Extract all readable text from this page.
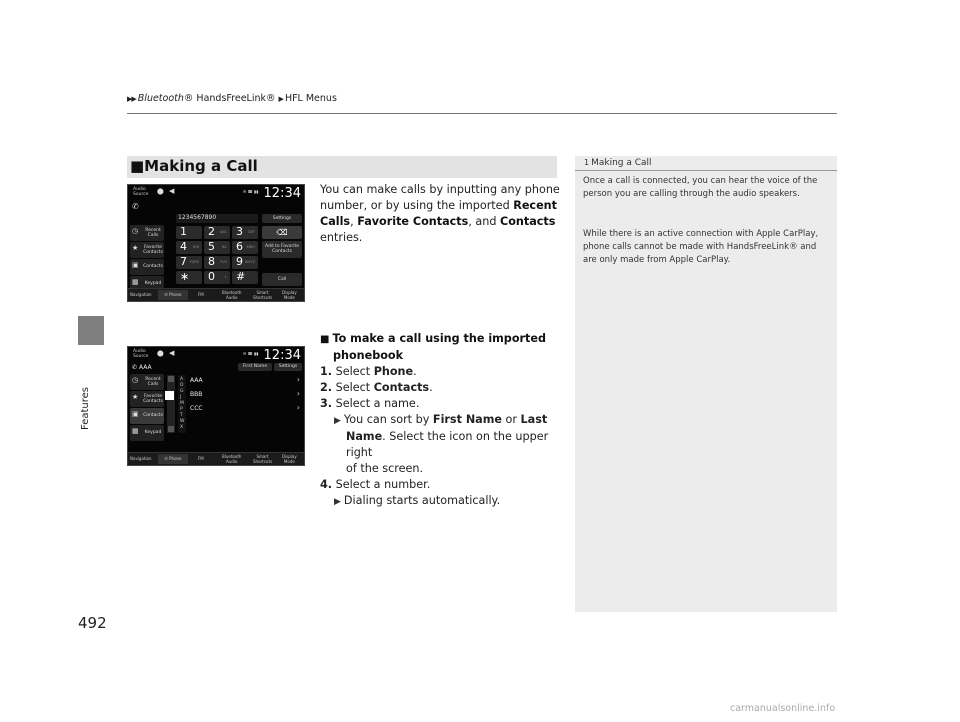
▶▶ Bluetooth® HandsFreeLink® ▶ HFL Menus
Features
492
■Making a Call	1 Making a Call
Once a call is connected, you can hear the voice of the person you are calling through the audio speakers.
While there is an active connection with Apple CarPlay, phone calls cannot be made with HandsFreeLink® and are only made from Apple CarPlay.
You can make calls by inputting any phone
number, or by using the imported Recent
Calls, Favorite Contacts, and Contacts
entries.
■ To make a call using the imported
phonebook
1. Select Phone.
2. Select Contacts.
3. Select a name.
▶ You can sort by First Name or Last
Name. Select the icon on the upper right
of the screen.
4. Select a number.
▶ Dialing starts automatically.
Audio
Source ⬤ ◀	✉ ☎ ▮▮ 12:34
✆
1234567890	Settings
◷	Recent
Calls
★	Favorite
Contacts
▣ Contacts
▦	Keypad
1 2 ABC 3 DEF
4 GHI 5 JKL 6 MNO
7 PQRS 8 TUV 9 WXYZ
∗ 0	+ #
⌫
Add to Favorite
Contacts
Call
Navigation	✆ Phone	FM	Bluetooth
Audio
Smart
Shortcuts
Display
Mode
Audio
Source ⬤ ◀	✉ ☎ ▮▮ 12:34
✆ AAA	First Name	Settings
◷	Recent
Calls
★	Favorite
Contacts
▣ Contacts
▦	Keypad
A
D
G
J
M
P
T
W
X
AAA	›
BBB	›
CCC	›
Navigation	✆ Phone	FM	Bluetooth
Audio
Smart
Shortcuts
Display
Mode
carmanualsonline.info
